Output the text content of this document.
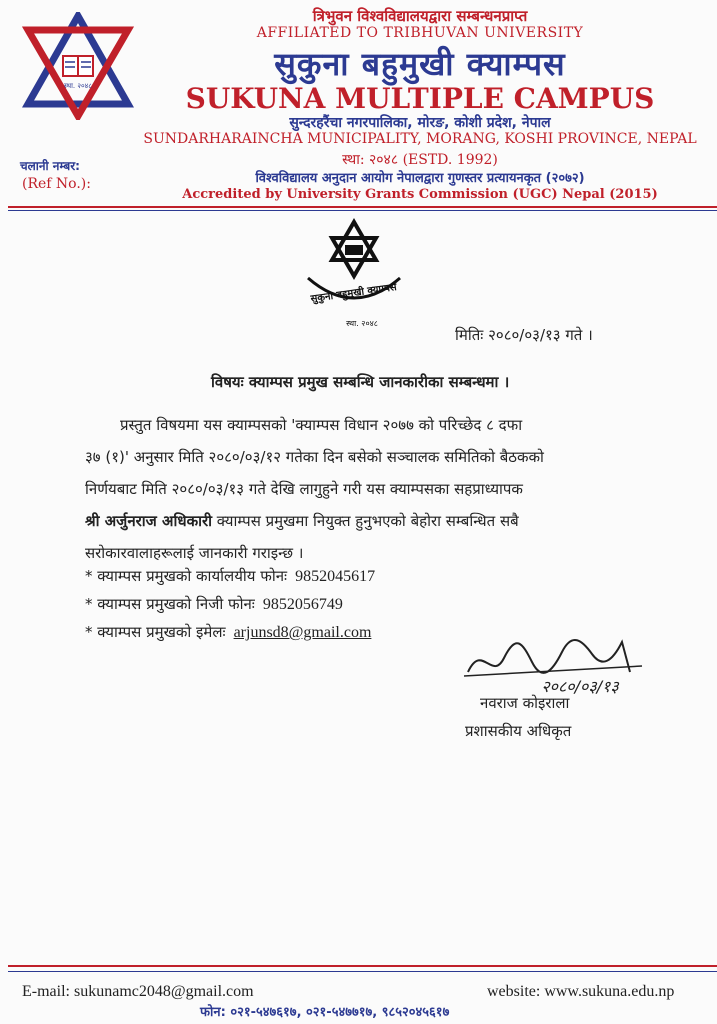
स्था. २०४८
त्रिभुवन विश्वविद्यालयद्वारा सम्बन्धनप्राप्त
AFFILIATED TO TRIBHUVAN UNIVERSITY
सुकुना बहुमुखी क्याम्पस
SUKUNA MULTIPLE CAMPUS
सुन्दरहरैंचा नगरपालिका, मोरङ, कोशी प्रदेश, नेपाल
SUNDARHARAINCHA MUNICIPALITY, MORANG, KOSHI PROVINCE, NEPAL
स्था: २०४८ (ESTD. 1992)
विश्वविद्यालय अनुदान आयोग नेपालद्वारा गुणस्तर प्रत्यायनकृत (२०७२)
Accredited by University Grants Commission (UGC) Nepal (2015)
चलानी नम्बर:
(Ref No.):
सुकुना बहुमुखी क्याम्पस
स्था. २०४८
मितिः २०८०/०३/१३ गते ।
विषयः क्याम्पस प्रमुख सम्बन्धि जानकारीका सम्बन्धमा ।
प्रस्तुत विषयमा यस क्याम्पसको 'क्याम्पस विधान २०७७ को परिच्छेद ८ दफा
३७ (१)' अनुसार मिति २०८०/०३/१२ गतेका दिन बसेको सञ्चालक समितिको बैठकको
निर्णयबाट मिति २०८०/०३/१३ गते देखि लागुहुने गरी यस क्याम्पसका सहप्राध्यापक
श्री अर्जुनराज अधिकारी क्याम्पस प्रमुखमा नियुक्त हुनुभएको बेहोरा सम्बन्धित सबै
सरोकारवालाहरूलाई जानकारी गराइन्छ ।
* क्याम्पस प्रमुखको कार्यालयीय फोनः 9852045617
* क्याम्पस प्रमुखको निजी फोनः 9852056749
* क्याम्पस प्रमुखको इमेलः arjunsd8@gmail.com
२०८०/०३/१३
नवराज कोइराला
प्रशासकीय अधिकृत
E-mail: sukunamc2048@gmail.com	website: www.sukuna.edu.np
फोन: ०२१-५४७६१७, ०२१-५४७७१७, ९८५२०४५६१७
